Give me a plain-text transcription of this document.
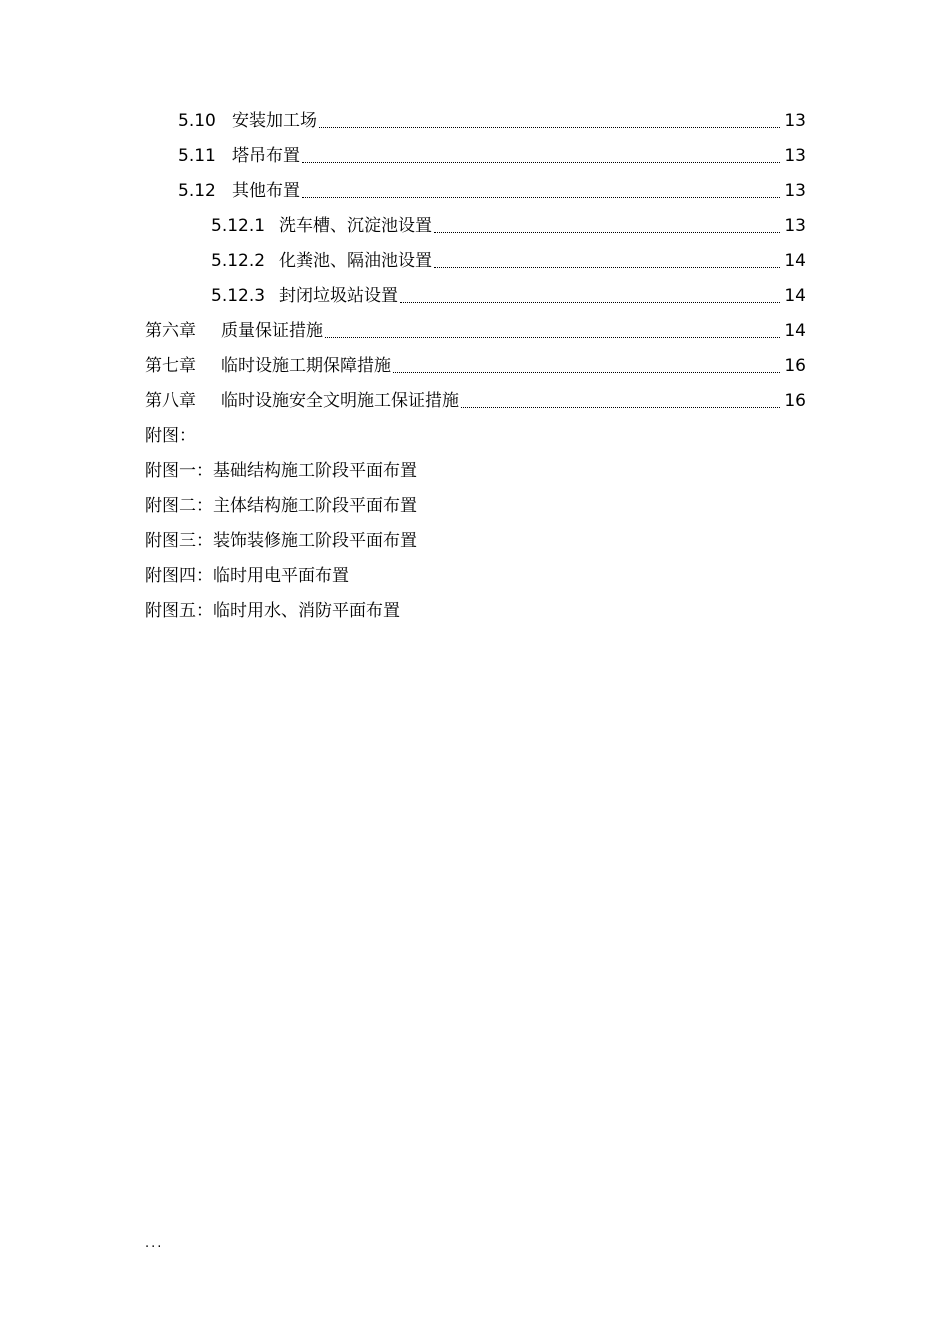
5.10 安装加工场	13
5.11 塔吊布置	13
5.12 其他布置	13
5.12.1 洗车槽、沉淀池设置	13
5.12.2 化粪池、隔油池设置	14
5.12.3 封闭垃圾站设置	14
第六章	质量保证措施	14
第七章	临时设施工期保障措施	16
第八章	临时设施安全文明施工保证措施	16
附图：
附图一：基础结构施工阶段平面布置
附图二：主体结构施工阶段平面布置
附图三：装饰装修施工阶段平面布置
附图四：临时用电平面布置
附图五：临时用水、消防平面布置
...
